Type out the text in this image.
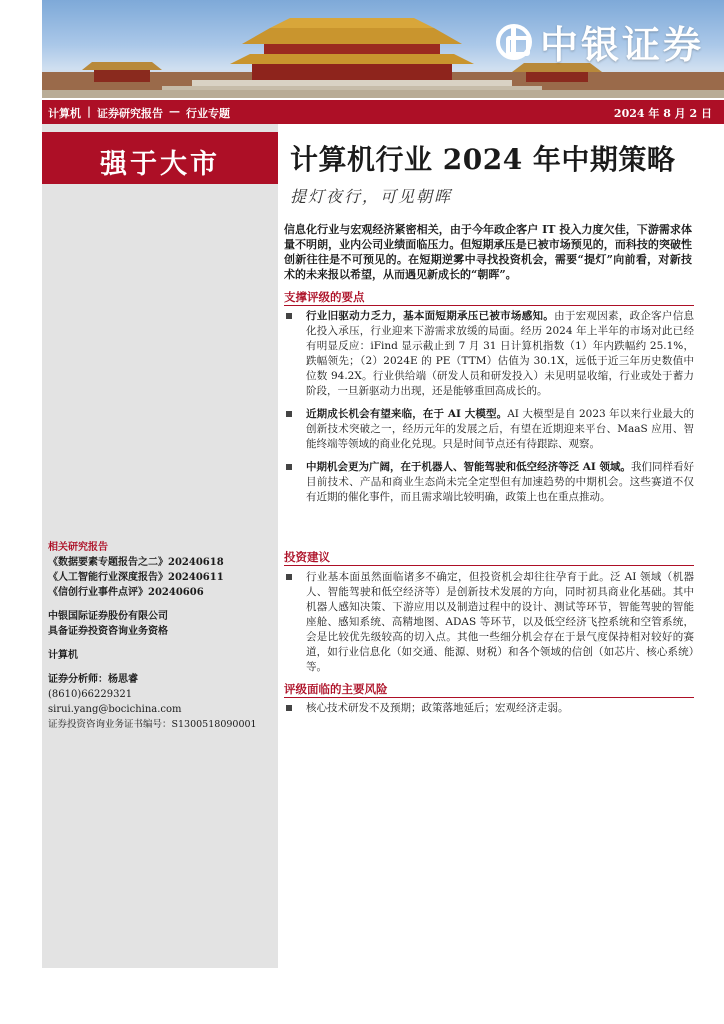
中银证券
计算机 | 证券研究报告 — 行业专题	2024 年 8 月 2 日
强于大市
相关研究报告
《数据要素专题报告之二》20240618
《人工智能行业深度报告》20240611
《信创行业事件点评》20240606
中银国际证券股份有限公司
具备证券投资咨询业务资格
计算机
证券分析师：杨思睿
(8610)66229321
sirui.yang@bocichina.com
证券投资咨询业务证书编号：S1300518090001
计算机行业 2024 年中期策略
提灯夜行，可见朝晖
信息化行业与宏观经济紧密相关，由于今年政企客户 IT 投入力度欠佳，下游需求体量不明朗，业内公司业绩面临压力。但短期承压是已被市场预见的，而科技的突破性创新往往是不可预见的。在短期逆雾中寻找投资机会，需要“提灯”向前看，对新技术的未来报以希望，从而遇见新成长的“朝晖”。
支撑评级的要点
行业旧驱动力乏力，基本面短期承压已被市场感知。由于宏观因素，政企客户信息化投入承压，行业迎来下游需求放缓的局面。经历 2024 年上半年的市场对此已经有明显反应：iFind 显示截止到 7 月 31 日计算机指数（1）年内跌幅约 25.1%，跌幅领先；（2）2024E 的 PE（TTM）估值为 30.1X，远低于近三年历史数值中位数 94.2X。行业供给端（研发人员和研发投入）未见明显收缩，行业或处于蓄力阶段，一旦新驱动力出现，还是能够重回高成长的。
近期成长机会有望来临，在于 AI 大模型。AI 大模型是自 2023 年以来行业最大的创新技术突破之一，经历元年的发展之后，有望在近期迎来平台、MaaS 应用、智能终端等领域的商业化兑现。只是时间节点还有待跟踪、观察。
中期机会更为广阔，在于机器人、智能驾驶和低空经济等泛 AI 领域。我们同样看好目前技术、产品和商业生态尚未完全定型但有加速趋势的中期机会。这些赛道不仅有近期的催化事件，而且需求端比较明确，政策上也在重点推动。
投资建议
行业基本面虽然面临诸多不确定，但投资机会却往往孕育于此。泛 AI 领域（机器人、智能驾驶和低空经济等）是创新技术发展的方向，同时初具商业化基础。其中机器人感知决策、下游应用以及制造过程中的设计、测试等环节，智能驾驶的智能座舱、感知系统、高精地图、ADAS 等环节，以及低空经济飞控系统和空管系统，会是比较优先级较高的切入点。其他一些细分机会存在于景气度保持相对较好的赛道，如行业信息化（如交通、能源、财税）和各个领域的信创（如芯片、核心系统）等。
评级面临的主要风险
核心技术研发不及预期；政策落地延后；宏观经济走弱。
